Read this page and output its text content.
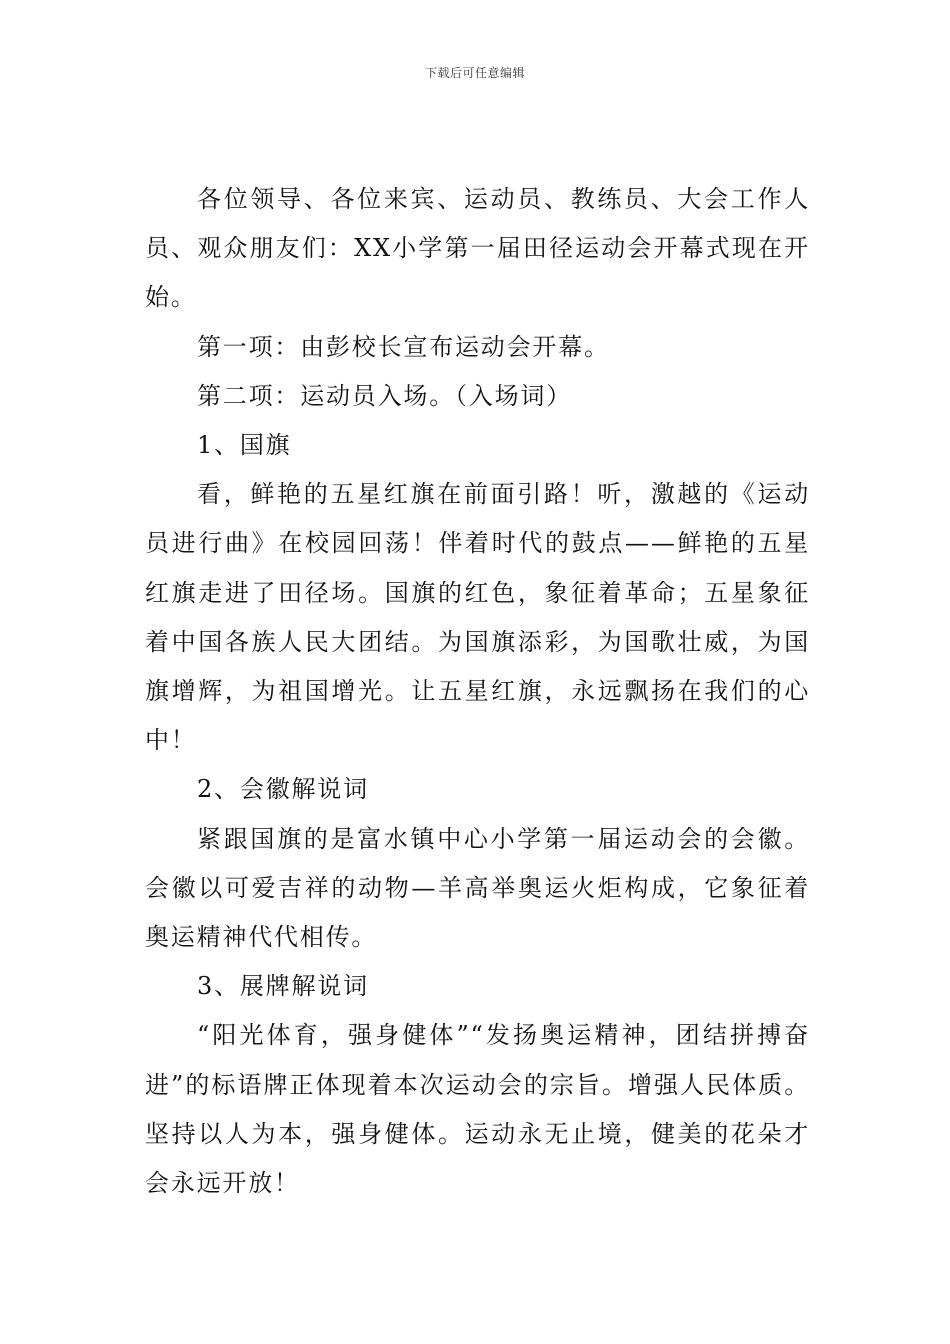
下载后可任意编辑

各位领导、各位来宾、运动员、教练员、大会工作人员、观众朋友们：XX小学第一届田径运动会开幕式现在开始。

第一项：由彭校长宣布运动会开幕。

第二项：运动员入场。（入场词）

1、国旗

看，鲜艳的五星红旗在前面引路！听，激越的《运动员进行曲》在校园回荡！伴着时代的鼓点——鲜艳的五星红旗走进了田径场。国旗的红色，象征着革命；五星象征着中国各族人民大团结。为国旗添彩，为国歌壮威，为国旗增辉，为祖国增光。让五星红旗，永远飘扬在我们的心中！

2、会徽解说词

紧跟国旗的是富水镇中心小学第一届运动会的会徽。会徽以可爱吉祥的动物—羊高举奥运火炬构成，它象征着奥运精神代代相传。

3、展牌解说词

“阳光体育，强身健体”“发扬奥运精神，团结拼搏奋进”的标语牌正体现着本次运动会的宗旨。增强人民体质。坚持以人为本，强身健体。运动永无止境，健美的花朵才会永远开放！
